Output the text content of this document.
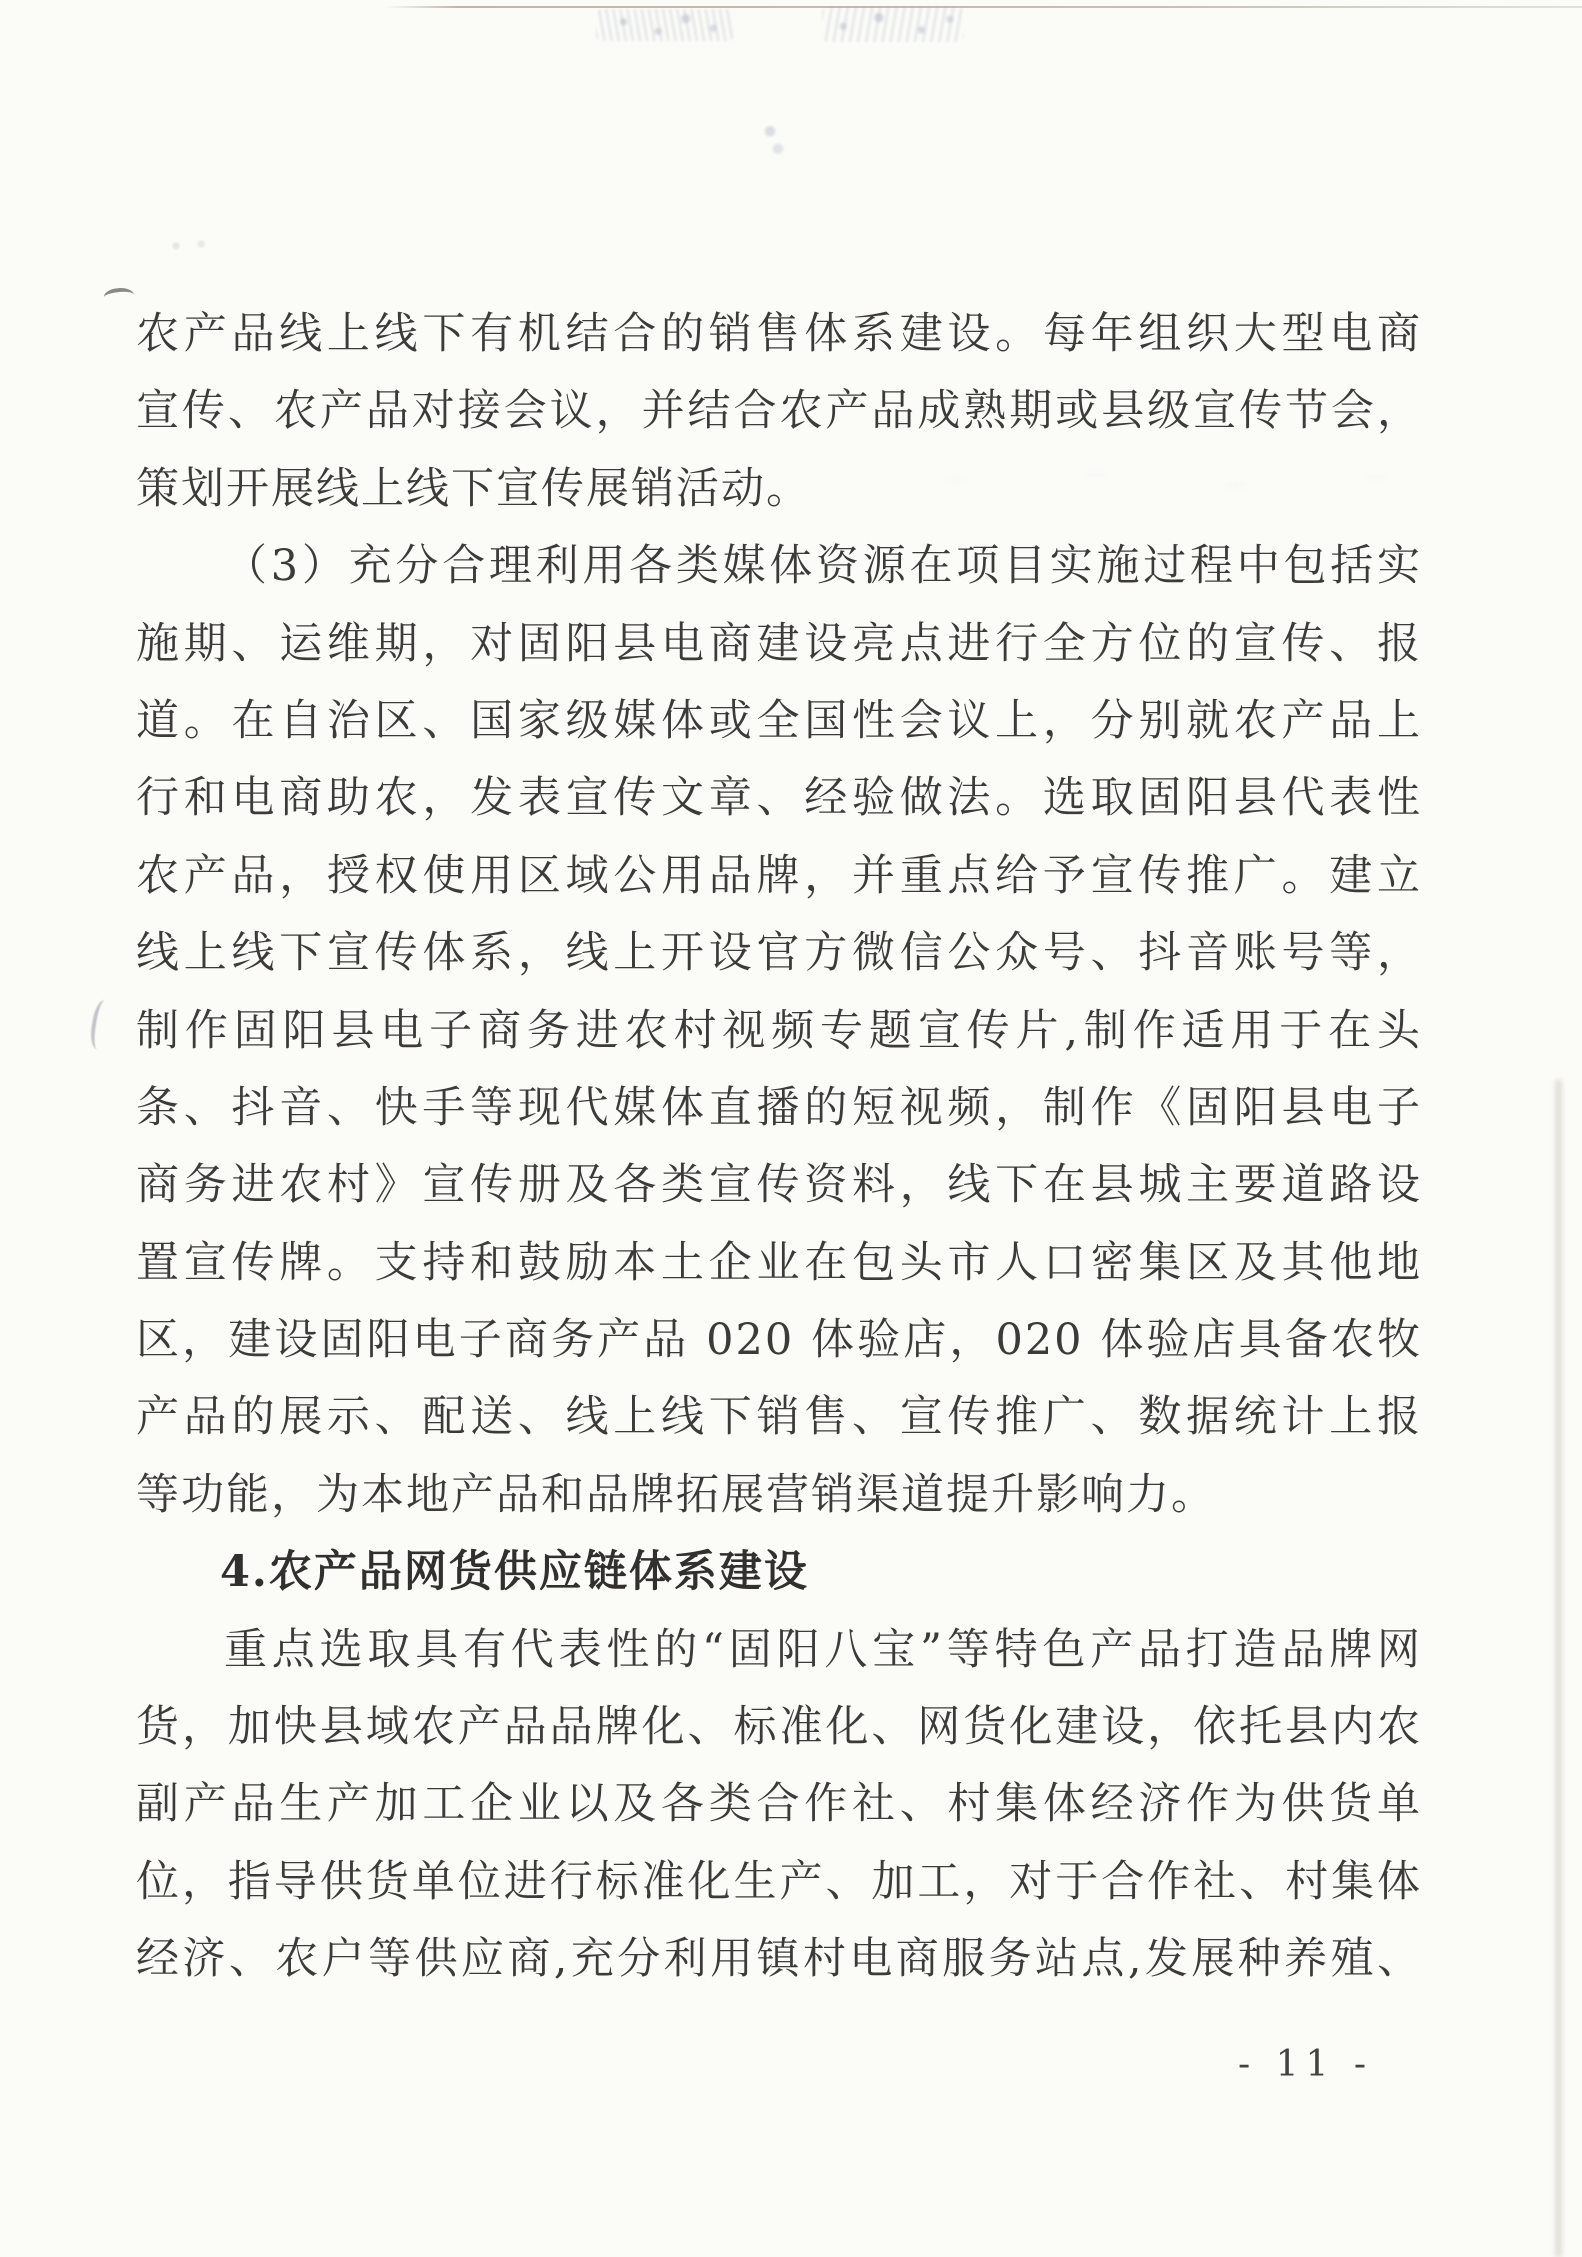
农产品线上线下有机结合的销售体系建设。每年组织大型电商
宣传、农产品对接会议，并结合农产品成熟期或县级宣传节会，
策划开展线上线下宣传展销活动。
（3）充分合理利用各类媒体资源在项目实施过程中包括实
施期、运维期，对固阳县电商建设亮点进行全方位的宣传、报
道。在自治区、国家级媒体或全国性会议上，分别就农产品上
行和电商助农，发表宣传文章、经验做法。选取固阳县代表性
农产品，授权使用区域公用品牌，并重点给予宣传推广。建立
线上线下宣传体系，线上开设官方微信公众号、抖音账号等，
制作固阳县电子商务进农村视频专题宣传片,制作适用于在头
条、抖音、快手等现代媒体直播的短视频，制作《固阳县电子
商务进农村》宣传册及各类宣传资料，线下在县城主要道路设
置宣传牌。支持和鼓励本土企业在包头市人口密集区及其他地
区，建设固阳电子商务产品 020 体验店，020 体验店具备农牧
产品的展示、配送、线上线下销售、宣传推广、数据统计上报
等功能，为本地产品和品牌拓展营销渠道提升影响力。
4.农产品网货供应链体系建设
重点选取具有代表性的“固阳八宝”等特色产品打造品牌网
货，加快县域农产品品牌化、标准化、网货化建设，依托县内农
副产品生产加工企业以及各类合作社、村集体经济作为供货单
位，指导供货单位进行标准化生产、加工，对于合作社、村集体
经济、农户等供应商,充分利用镇村电商服务站点,发展种养殖、
- 11 -
